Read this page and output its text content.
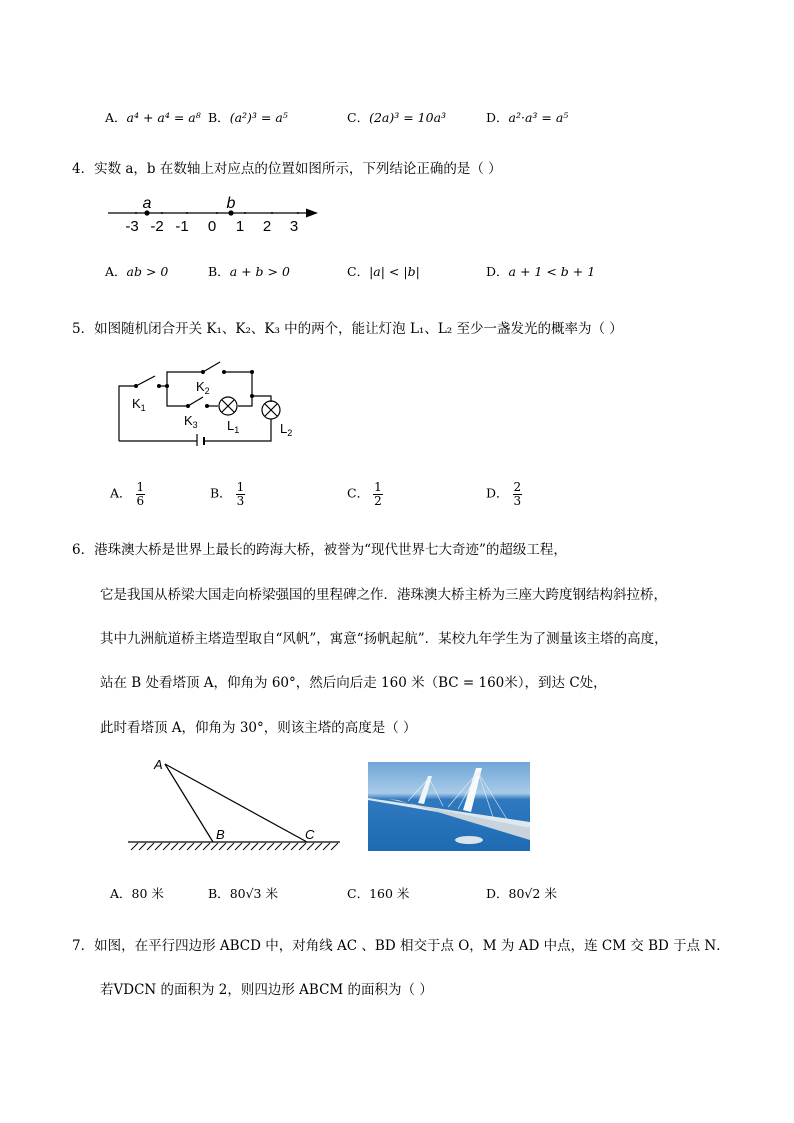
A．a⁴ + a⁴ = a⁸ B．(a²)³ = a⁵	C．(2a)³ = 10a³	D．a²·a³ = a⁵
4．实数 a，b 在数轴上对应点的位置如图所示，下列结论正确的是（ ）
-3 -2 -1 0 1 2 3
a	b
A．ab > 0	B．a + b > 0	C．|a| < |b|	D．a + 1 < b + 1
5．如图随机闭合开关 K₁、K₂、K₃ 中的两个，能让灯泡 L₁、L₂ 至少一盏发光的概率为（ ）
$K_1$
$K_2$
$K_3$ $L_1$	$L_2$
A． $\frac{1}{6}$	B． $\frac{1}{3}$	C． $\frac{1}{2}$	D． $\frac{2}{3}$
6．港珠澳大桥是世界上最长的跨海大桥，被誉为“现代世界七大奇迹”的超级工程，
它是我国从桥梁大国走向桥梁强国的里程碑之作．港珠澳大桥主桥为三座大跨度钢结构斜拉桥，
其中九洲航道桥主塔造型取自“风帆”，寓意“扬帆起航”．某校九年学生为了测量该主塔的高度，
站在 B 处看塔顶 A，仰角为 60°，然后向后走 160 米（BC = 160米），到达 C处，
此时看塔顶 A，仰角为 30°，则该主塔的高度是（ ）
A
B	C
A．80 米	B．80√3 米	C．160 米	D．80√2 米
7．如图，在平行四边形 ABCD 中，对角线 AC 、BD 相交于点 O，M 为 AD 中点，连 CM 交 BD 于点 N．
若VDCN 的面积为 2，则四边形 ABCM 的面积为（ ）
